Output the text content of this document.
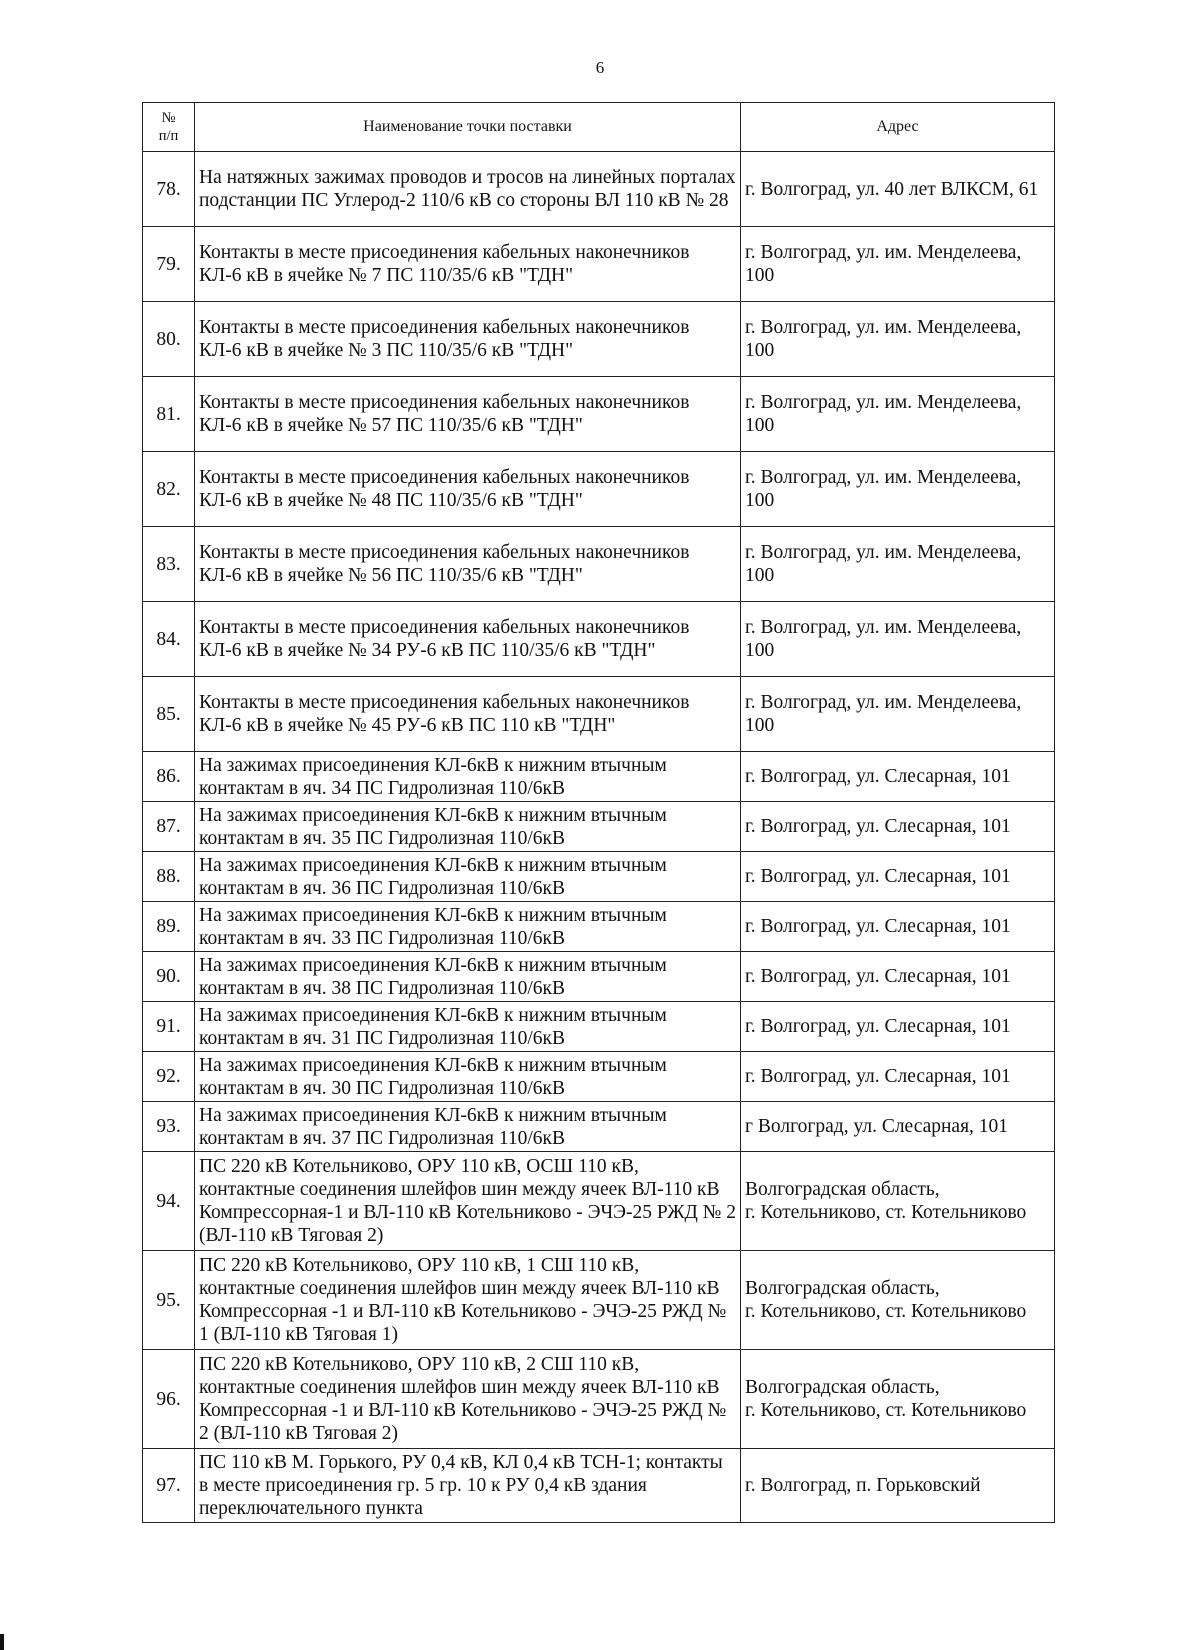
6
№
п/п	Наименование точки поставки	Адрес
78.	На натяжных зажимах проводов и тросов на линейных порталах подстанции ПС Углерод-2 110/6 кВ со стороны ВЛ 110 кВ № 28	г. Волгоград, ул. 40 лет ВЛКСМ, 61
79.	Контакты в месте присоединения кабельных наконечников КЛ-6 кВ в ячейке № 7 ПС 110/35/6 кВ "ТДН"	г. Волгоград, ул. им. Менделеева, 100
80.	Контакты в месте присоединения кабельных наконечников КЛ-6 кВ в ячейке № 3 ПС 110/35/6 кВ "ТДН"	г. Волгоград, ул. им. Менделеева, 100
81.	Контакты в месте присоединения кабельных наконечников КЛ-6 кВ в ячейке № 57 ПС 110/35/6 кВ "ТДН"	г. Волгоград, ул. им. Менделеева, 100
82.	Контакты в месте присоединения кабельных наконечников КЛ-6 кВ в ячейке № 48 ПС 110/35/6 кВ "ТДН"	г. Волгоград, ул. им. Менделеева, 100
83.	Контакты в месте присоединения кабельных наконечников КЛ-6 кВ в ячейке № 56 ПС 110/35/6 кВ "ТДН"	г. Волгоград, ул. им. Менделеева, 100
84.	Контакты в месте присоединения кабельных наконечников КЛ-6 кВ в ячейке № 34 РУ-6 кВ ПС 110/35/6 кВ "ТДН"	г. Волгоград, ул. им. Менделеева, 100
85.	Контакты в месте присоединения кабельных наконечников КЛ-6 кВ в ячейке № 45 РУ-6 кВ ПС 110 кВ "ТДН"	г. Волгоград, ул. им. Менделеева, 100
86.	На зажимах присоединения КЛ-6кВ к нижним втычным контактам в яч. 34 ПС Гидролизная 110/6кВ	г. Волгоград, ул. Слесарная, 101
87.	На зажимах присоединения КЛ-6кВ к нижним втычным контактам в яч. 35 ПС Гидролизная 110/6кВ	г. Волгоград, ул. Слесарная, 101
88.	На зажимах присоединения КЛ-6кВ к нижним втычным контактам в яч. 36 ПС Гидролизная 110/6кВ	г. Волгоград, ул. Слесарная, 101
89.	На зажимах присоединения КЛ-6кВ к нижним втычным контактам в яч. 33 ПС Гидролизная 110/6кВ	г. Волгоград, ул. Слесарная, 101
90.	На зажимах присоединения КЛ-6кВ к нижним втычным контактам в яч. 38 ПС Гидролизная 110/6кВ	г. Волгоград, ул. Слесарная, 101
91.	На зажимах присоединения КЛ-6кВ к нижним втычным контактам в яч. 31 ПС Гидролизная 110/6кВ	г. Волгоград, ул. Слесарная, 101
92.	На зажимах присоединения КЛ-6кВ к нижним втычным контактам в яч. 30 ПС Гидролизная 110/6кВ	г. Волгоград, ул. Слесарная, 101
93.	На зажимах присоединения КЛ-6кВ к нижним втычным контактам в яч. 37 ПС Гидролизная 110/6кВ	г Волгоград, ул. Слесарная, 101
94.	ПС 220 кВ Котельниково, ОРУ 110 кВ, ОСШ 110 кВ, контактные соединения шлейфов шин между ячеек ВЛ-110 кВ Компрессорная-1 и ВЛ-110 кВ Котельниково - ЭЧЭ-25 РЖД № 2 (ВЛ-110 кВ Тяговая 2)	Волгоградская область,
г. Котельниково, ст. Котельниково
95.	ПС 220 кВ Котельниково, ОРУ 110 кВ, 1 СШ 110 кВ, контактные соединения шлейфов шин между ячеек ВЛ-110 кВ Компрессорная -1 и ВЛ-110 кВ Котельниково - ЭЧЭ-25 РЖД № 1 (ВЛ-110 кВ Тяговая 1)	Волгоградская область,
г. Котельниково, ст. Котельниково
96.	ПС 220 кВ Котельниково, ОРУ 110 кВ, 2 СШ 110 кВ, контактные соединения шлейфов шин между ячеек ВЛ-110 кВ Компрессорная -1 и ВЛ-110 кВ Котельниково - ЭЧЭ-25 РЖД № 2 (ВЛ-110 кВ Тяговая 2)	Волгоградская область,
г. Котельниково, ст. Котельниково
97.	ПС 110 кВ М. Горького, РУ 0,4 кВ, КЛ 0,4 кВ ТСН-1; контакты в месте присоединения гр. 5 гр. 10 к РУ 0,4 кВ здания переключательного пункта	г. Волгоград, п. Горьковский
